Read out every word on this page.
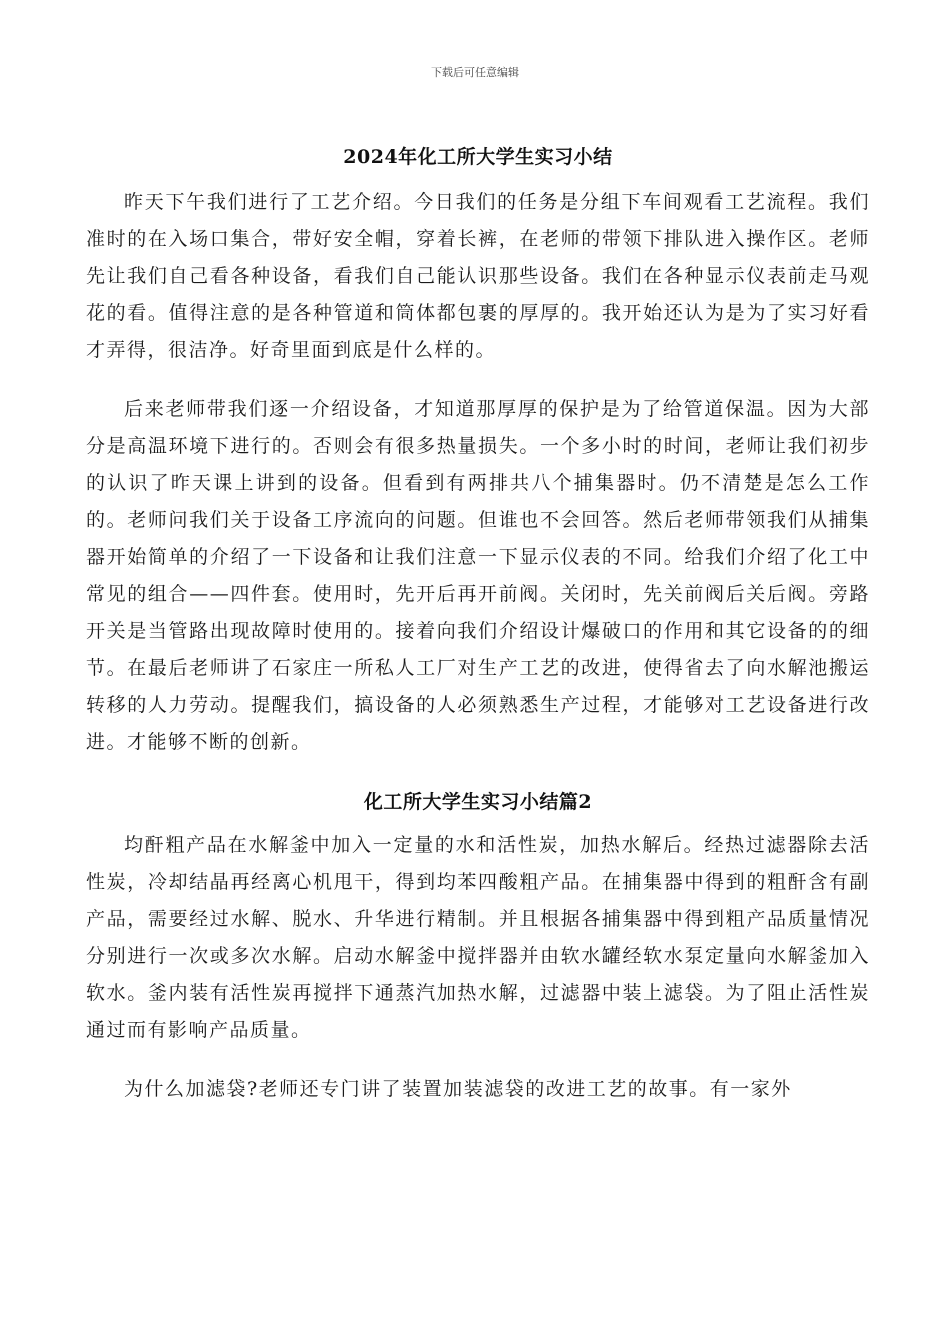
下载后可任意编辑
2024年化工所大学生实习小结

昨天下午我们进行了工艺介绍。今日我们的任务是分组下车间观看工艺流程。我们准时的在入场口集合，带好安全帽，穿着长裤，在老师的带领下排队进入操作区。老师先让我们自己看各种设备，看我们自己能认识那些设备。我们在各种显示仪表前走马观花的看。值得注意的是各种管道和筒体都包裹的厚厚的。我开始还认为是为了实习好看才弄得，很洁净。好奇里面到底是什么样的。

后来老师带我们逐一介绍设备，才知道那厚厚的保护是为了给管道保温。因为大部分是高温环境下进行的。否则会有很多热量损失。一个多小时的时间，老师让我们初步的认识了昨天课上讲到的设备。但看到有两排共八个捕集器时。仍不清楚是怎么工作的。老师问我们关于设备工序流向的问题。但谁也不会回答。然后老师带领我们从捕集器开始简单的介绍了一下设备和让我们注意一下显示仪表的不同。给我们介绍了化工中常见的组合——四件套。使用时，先开后再开前阀。关闭时，先关前阀后关后阀。旁路开关是当管路出现故障时使用的。接着向我们介绍设计爆破口的作用和其它设备的的细节。在最后老师讲了石家庄一所私人工厂对生产工艺的改进，使得省去了向水解池搬运转移的人力劳动。提醒我们，搞设备的人必须熟悉生产过程，才能够对工艺设备进行改进。才能够不断的创新。

化工所大学生实习小结篇2

均酐粗产品在水解釜中加入一定量的水和活性炭，加热水解后。经热过滤器除去活性炭，冷却结晶再经离心机甩干，得到均苯四酸粗产品。在捕集器中得到的粗酐含有副产品，需要经过水解、脱水、升华进行精制。并且根据各捕集器中得到粗产品质量情况分别进行一次或多次水解。启动水解釜中搅拌器并由软水罐经软水泵定量向水解釜加入软水。釜内装有活性炭再搅拌下通蒸汽加热水解，过滤器中装上滤袋。为了阻止活性炭通过而有影响产品质量。

为什么加滤袋?老师还专门讲了装置加装滤袋的改进工艺的故事。有一家外
